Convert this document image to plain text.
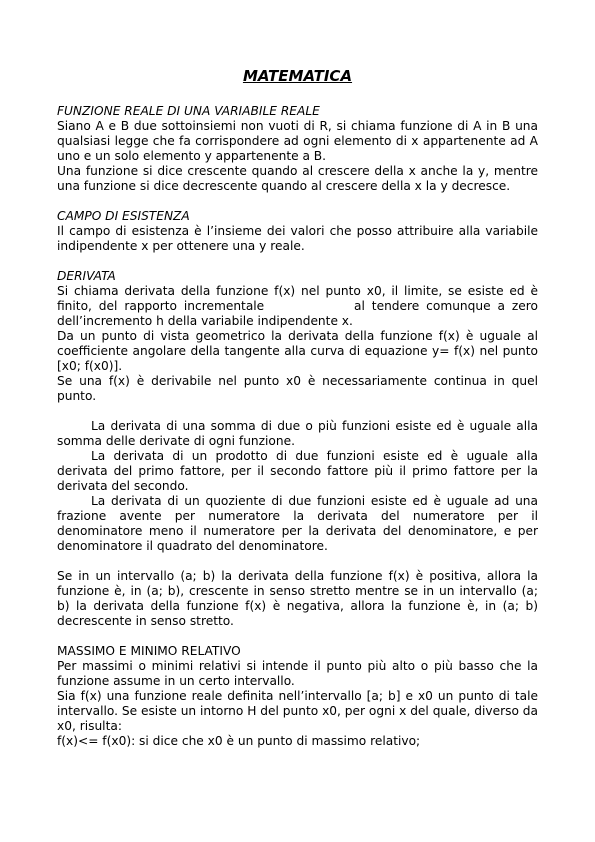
MATEMATICA
FUNZIONE REALE DI UNA VARIABILE REALE

Siano A e B due sottoinsiemi non vuoti di R, si chiama funzione di A in B una qualsiasi legge che fa corrispondere ad ogni elemento di x appartenente ad A uno e un solo elemento y appartenente a B.

Una funzione si dice crescente quando al crescere della x anche la y, mentre una funzione si dice decrescente quando al crescere della x la y decresce.

CAMPO DI ESISTENZA

Il campo di esistenza è l’insieme dei valori che posso attribuire alla variabile indipendente x per ottenere una y reale.

DERIVATA

Si chiama derivata della funzione f(x) nel punto x0, il limite, se esiste ed è finito, del rapporto incrementale             al tendere comunque a zero dell’incremento h della variabile indipendente x.

Da un punto di vista geometrico la derivata della funzione f(x) è uguale al coefficiente angolare della tangente alla curva di equazione y= f(x) nel punto [x0; f(x0)].

Se una f(x) è derivabile nel punto x0 è necessariamente continua in quel punto.

La derivata di una somma di due o più funzioni esiste ed è uguale alla somma delle derivate di ogni funzione.

La derivata di un prodotto di due funzioni esiste ed è uguale alla derivata del primo fattore, per il secondo fattore più il primo fattore per la derivata del secondo.

La derivata di un quoziente di due funzioni esiste ed è uguale ad una frazione avente per numeratore la derivata del numeratore per il denominatore meno il numeratore per la derivata del denominatore, e per denominatore il quadrato del denominatore.

Se in un intervallo (a; b) la derivata della funzione f(x) è positiva, allora la funzione è, in (a; b), crescente in senso stretto mentre se in un intervallo (a; b) la derivata della funzione f(x) è negativa, allora la funzione è, in (a; b) decrescente in senso stretto.

MASSIMO E MINIMO RELATIVO

Per massimi o minimi relativi si intende il punto più alto o più basso che la funzione assume in un certo intervallo.

Sia f(x) una funzione reale definita nell’intervallo [a; b] e x0 un punto di tale intervallo. Se esiste un intorno H del punto x0, per ogni x del quale, diverso da x0, risulta:

f(x)<= f(x0): si dice che x0 è un punto di massimo relativo;
